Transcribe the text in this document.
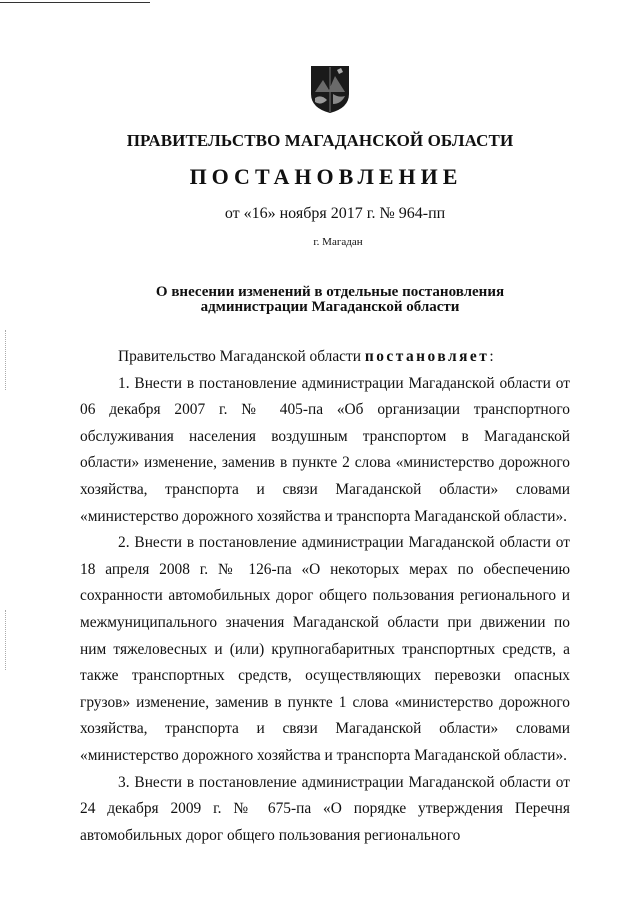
ПРАВИТЕЛЬСТВО МАГАДАНСКОЙ ОБЛАСТИ
ПОСТАНОВЛЕНИЕ
от «16» ноября 2017 г. № 964-пп
г. Магадан
О внесении изменений в отдельные постановления
администрации Магаданской области

Правительство Магаданской области постановляет:

1. Внести в постановление администрации Магаданской области от 06 декабря 2007 г. № 405-па «Об организации транспортного обслуживания населения воздушным транспортом в Магаданской области» изменение, заменив в пункте 2 слова «министерство дорожного хозяйства, транспорта и связи Магаданской области» словами «министерство дорожного хозяйства и транспорта Магаданской области».

2. Внести в постановление администрации Магаданской области от 18 апреля 2008 г. № 126-па «О некоторых мерах по обеспечению сохранности автомобильных дорог общего пользования регионального и межмуниципального значения Магаданской области при движении по ним тяжеловесных и (или) крупногабаритных транспортных средств, а также транспортных средств, осуществляющих перевозки опасных грузов» изменение, заменив в пункте 1 слова «министерство дорожного хозяйства, транспорта и связи Магаданской области» словами «министерство дорожного хозяйства и транспорта Магаданской области».

3. Внести в постановление администрации Магаданской области от 24 декабря 2009 г. № 675-па «О порядке утверждения Перечня автомобильных дорог общего пользования регионального
